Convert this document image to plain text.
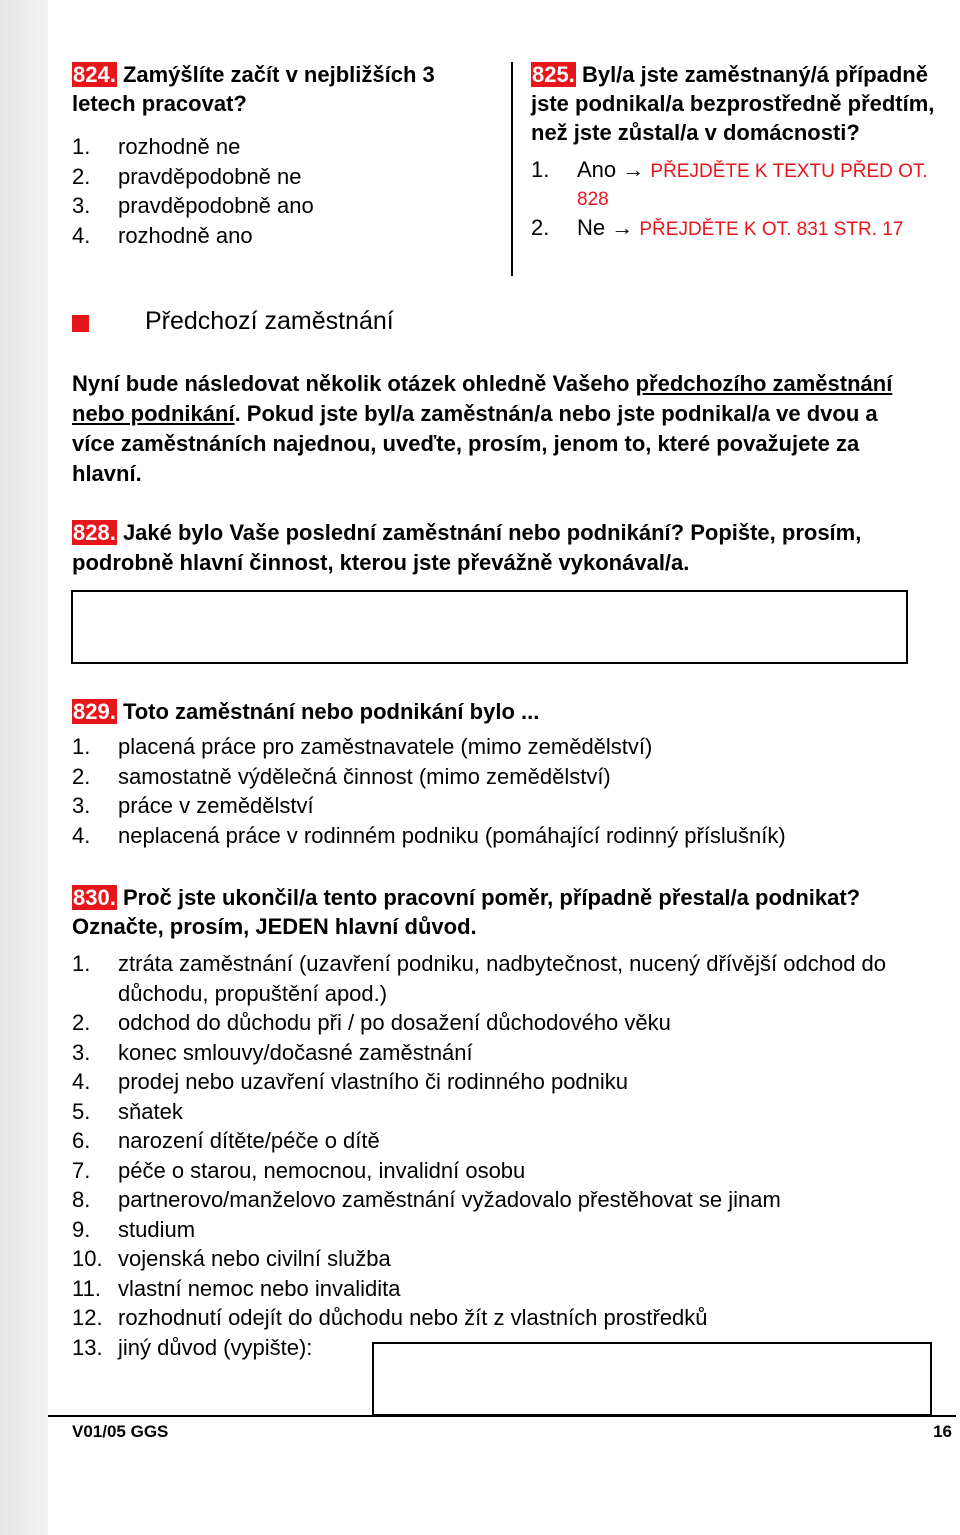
824. Zamýšlíte začít v nejbližších 3 letech pracovat?

1.	rozhodně ne
2.	pravděpodobně ne
3.	pravděpodobně ano
4.	rozhodně ano

825. Byl/a jste zaměstnaný/á případně jste podnikal/a bezprostředně předtím, než jste zůstal/a v domácnosti?

1.	Ano → PŘEJDĚTE K TEXTU PŘED OT. 828
2.	Ne → PŘEJDĚTE K OT. 831 STR. 17
Předchozí zaměstnání
Nyní bude následovat několik otázek ohledně Vašeho předchozího zaměstnání nebo podnikání. Pokud jste byl/a zaměstnán/a nebo jste podnikal/a ve dvou a více zaměstnáních najednou, uveďte, prosím, jenom to, které považujete za hlavní.

828. Jaké bylo Vaše poslední zaměstnání nebo podnikání? Popište, prosím, podrobně hlavní činnost, kterou jste převážně vykonával/a.

829. Toto zaměstnání nebo podnikání bylo ...

1.	placená práce pro zaměstnavatele (mimo zemědělství)
2.	samostatně výdělečná činnost (mimo zemědělství)
3.	práce v zemědělství
4.	neplacená práce v rodinném podniku (pomáhající rodinný příslušník)

830. Proč jste ukončil/a tento pracovní poměr, případně přestal/a podnikat? Označte, prosím, JEDEN hlavní důvod.

1.	ztráta zaměstnání (uzavření podniku, nadbytečnost, nucený dřívější odchod do důchodu, propuštění apod.)
2.	odchod do důchodu při / po dosažení důchodového věku
3.	konec smlouvy/dočasné zaměstnání
4.	prodej nebo uzavření vlastního či rodinného podniku
5.	sňatek
6.	narození dítěte/péče o dítě
7.	péče o starou, nemocnou, invalidní osobu
8.	partnerovo/manželovo zaměstnání vyžadovalo přestěhovat se jinam
9.	studium
10. vojenská nebo civilní služba
11. vlastní nemoc nebo invalidita
12. rozhodnutí odejít do důchodu nebo žít z vlastních prostředků
13. jiný důvod (vypište):
V01/05 GGS	16
